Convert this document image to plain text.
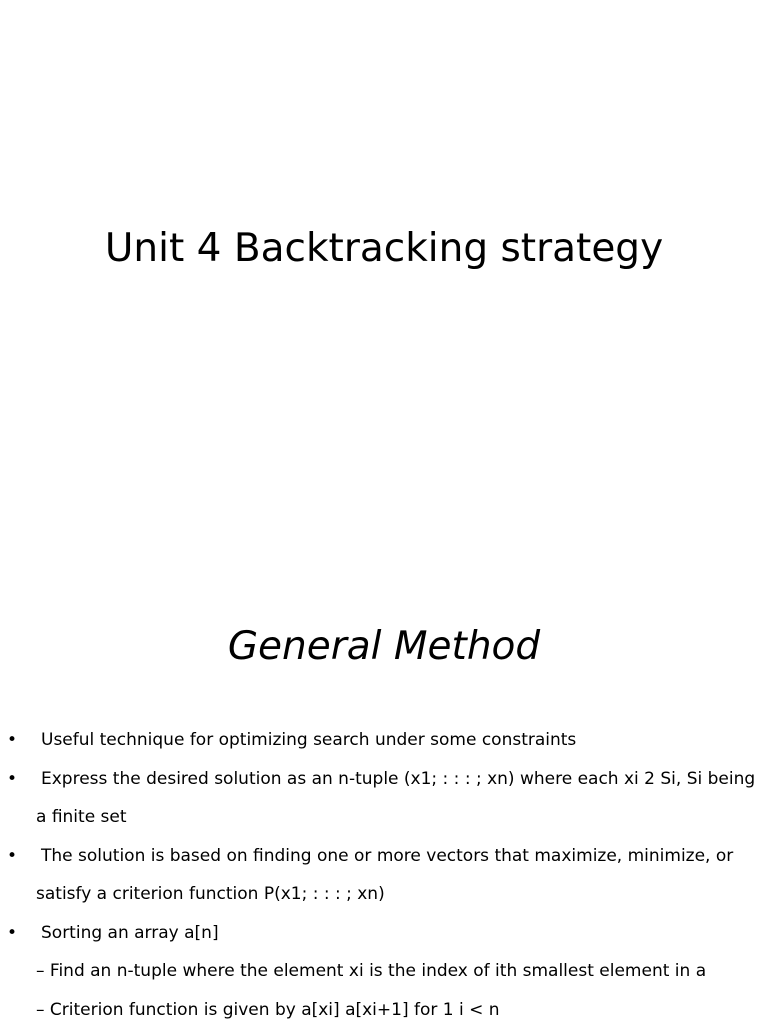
Unit 4 Backtracking strategy
General Method
• Useful technique for optimizing search under some constraints
• Express the desired solution as an n-tuple (x1; : : : ; xn) where each xi 2 Si, Si being
a finite set
• The solution is based on finding one or more vectors that maximize, minimize, or
satisfy a criterion function P(x1; : : : ; xn)
• Sorting an array a[n]
– Find an n-tuple where the element xi is the index of ith smallest element in a
– Criterion function is given by a[xi] a[xi+1] for 1 i < n
